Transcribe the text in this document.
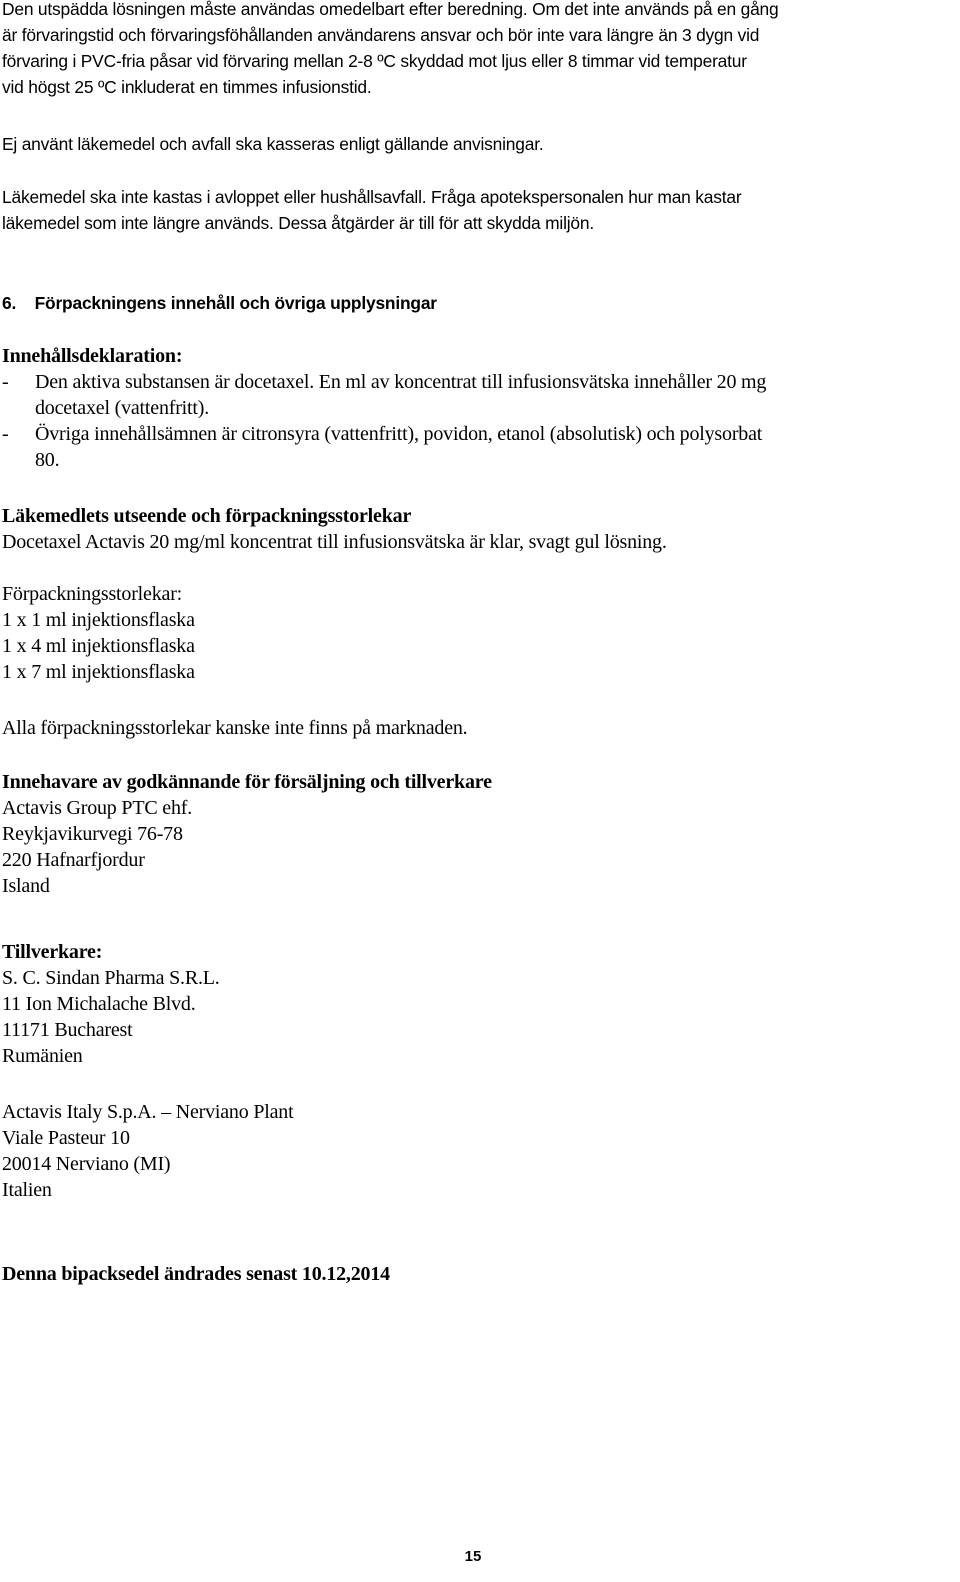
Den utspädda lösningen måste användas omedelbart efter beredning. Om det inte används på en gång
är förvaringstid och förvaringsföhållanden användarens ansvar och bör inte vara längre än 3 dygn vid
förvaring i PVC-fria påsar vid förvaring mellan 2-8 ºC skyddad mot ljus eller 8 timmar vid temperatur
vid högst 25 ºC inkluderat en timmes infusionstid.
Ej använt läkemedel och avfall ska kasseras enligt gällande anvisningar.
Läkemedel ska inte kastas i avloppet eller hushållsavfall. Fråga apotekspersonalen hur man kastar
läkemedel som inte längre används. Dessa åtgärder är till för att skydda miljön.
6.    Förpackningens innehåll och övriga upplysningar
Innehållsdeklaration:
- Den aktiva substansen är docetaxel. En ml av koncentrat till infusionsvätska innehåller 20 mg
docetaxel (vattenfritt).
- Övriga innehållsämnen är citronsyra (vattenfritt), povidon, etanol (absolutisk) och polysorbat
80.
Läkemedlets utseende och förpackningsstorlekar
Docetaxel Actavis 20 mg/ml koncentrat till infusionsvätska är klar, svagt gul lösning.
Förpackningsstorlekar:
1 x 1 ml injektionsflaska
1 x 4 ml injektionsflaska
1 x 7 ml injektionsflaska
Alla förpackningsstorlekar kanske inte finns på marknaden.
Innehavare av godkännande för försäljning och tillverkare
Actavis Group PTC ehf.
Reykjavikurvegi 76-78
220 Hafnarfjordur
Island
Tillverkare:
S. C. Sindan Pharma S.R.L.
11 Ion Michalache Blvd.
11171 Bucharest
Rumänien
Actavis Italy S.p.A. – Nerviano Plant
Viale Pasteur 10
20014 Nerviano (MI)
Italien
Denna bipacksedel ändrades senast 10.12,2014
15
